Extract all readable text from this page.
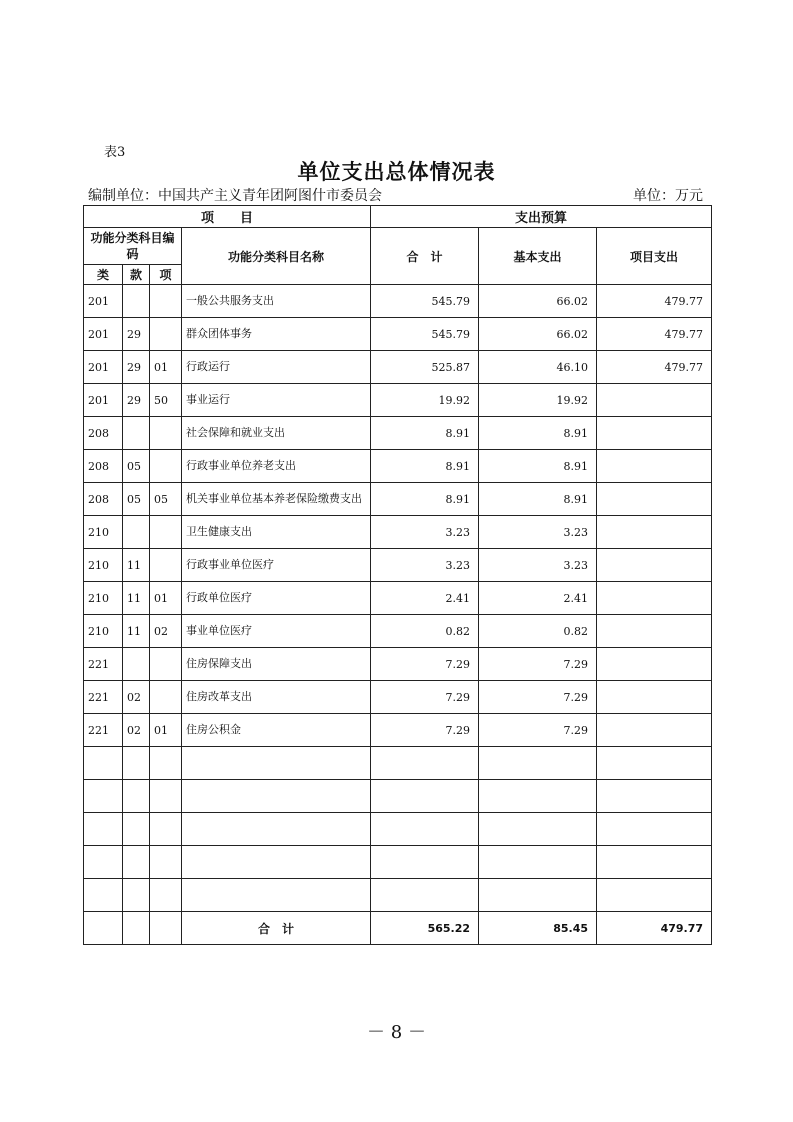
表3
单位支出总体情况表
编制单位：中国共产主义青年团阿图什市委员会	单位：万元
项　　目				支出预算		
功能分类科目编码			功能分类科目名称	合　计	基本支出	项目支出
类	款	项				
201			一般公共服务支出	545.79	66.02	479.77
201	29		群众团体事务	545.79	66.02	479.77
201	29	01	行政运行	525.87	46.10	479.77
201	29	50	事业运行	19.92	19.92	
208			社会保障和就业支出	8.91	8.91	
208	05		行政事业单位养老支出	8.91	8.91	
208	05	05	机关事业单位基本养老保险缴费支出	8.91	8.91	
210			卫生健康支出	3.23	3.23	
210	11		行政事业单位医疗	3.23	3.23	
210	11	01	行政单位医疗	2.41	2.41	
210	11	02	事业单位医疗	0.82	0.82	
221			住房保障支出	7.29	7.29	
221	02		住房改革支出	7.29	7.29	
221	02	01	住房公积金	7.29	7.29	

			合　计	565.22	85.45	479.77
－ 8 －
